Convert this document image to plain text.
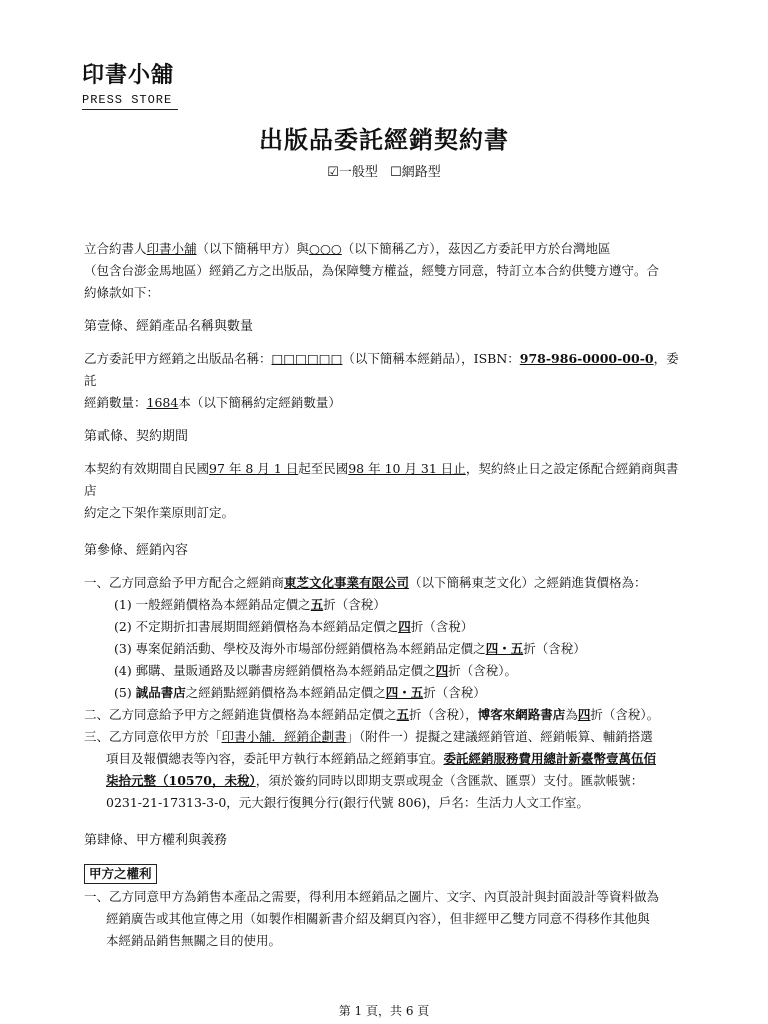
印書小舖
PRESS STORE
出版品委託經銷契約書
☑一般型 ☐網路型

立合約書人印書小舖（以下簡稱甲方）與○○○（以下簡稱乙方），茲因乙方委託甲方於台灣地區
（包含台澎金馬地區）經銷乙方之出版品，為保障雙方權益，經雙方同意，特訂立本合約供雙方遵守。合
約條款如下：

第壹條、經銷產品名稱與數量

乙方委託甲方經銷之出版品名稱：□□□□□□（以下簡稱本經銷品），ISBN：978-986-0000-00-0，委託
經銷數量：1684本（以下簡稱約定經銷數量）

第貳條、契約期間

本契約有效期間自民國97 年 8 月 1 日起至民國98 年 10 月 31 日止，契約終止日之設定係配合經銷商與書店
約定之下架作業原則訂定。

第參條、經銷內容
一、乙方同意給予甲方配合之經銷商東芝文化事業有限公司（以下簡稱東芝文化）之經銷進貨價格為：
(1) 一般經銷價格為本經銷品定價之五折（含稅）
(2) 不定期折扣書展期間經銷價格為本經銷品定價之四折（含稅）
(3) 專案促銷活動、學校及海外市場部份經銷價格為本經銷品定價之四・五折（含稅）
(4) 郵購、量販通路及以聯書房經銷價格為本經銷品定價之四折（含稅）。
(5) 誠品書店之經銷點經銷價格為本經銷品定價之四・五折（含稅）
二、乙方同意給予甲方之經銷進貨價格為本經銷品定價之五折（含稅），博客來網路書店為四折（含稅）。
三、乙方同意依甲方於「印書小舖．經銷企劃書」（附件一）提擬之建議經銷管道、經銷帳算、輔銷搭選
項目及報價總表等內容，委託甲方執行本經銷品之經銷事宜。委託經銷服務費用總計新臺幣壹萬伍佰
柒拾元整（10570，未稅），須於簽約同時以即期支票或現金（含匯款、匯票）支付。匯款帳號：
0231-21-17313-3-0，元大銀行復興分行(銀行代號 806)，戶名：生活力人文工作室。
第肆條、甲方權利與義務
甲方之權利
一、乙方同意甲方為銷售本產品之需要，得利用本經銷品之圖片、文字、內頁設計與封面設計等資料做為
經銷廣告或其他宣傳之用（如製作相關新書介紹及網頁內容），但非經甲乙雙方同意不得移作其他與
本經銷品銷售無關之目的使用。
第 1 頁，共 6 頁
